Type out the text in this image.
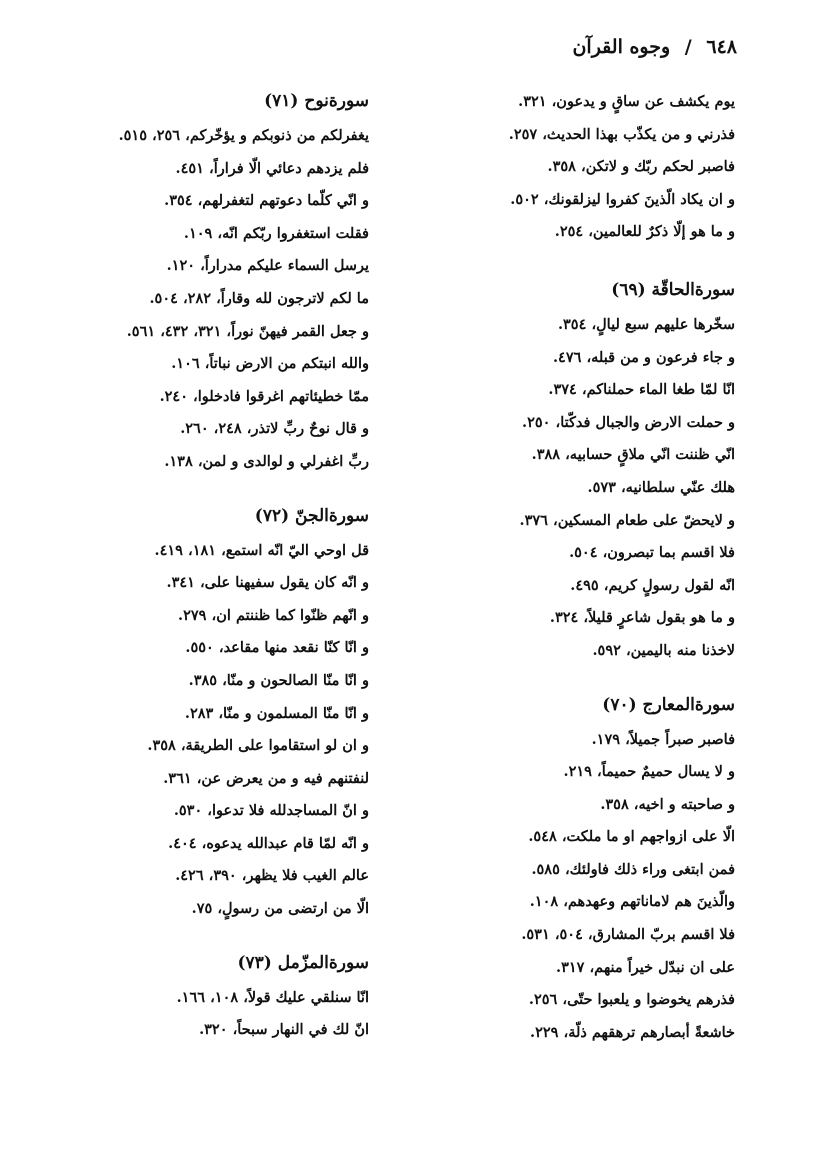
٦٤٨ / وجوه القرآن
يوم يكشف عن ساقٍ و يدعون، ٣٢١.
فذرني و من يكذّب بهذا الحديث، ٢٥٧.
فاصبر لحكم ربّك و لاتكن، ٣٥٨.
و ان يكاد الّذينَ كفروا ليزلقونك، ٥٠٢.
و ما هو إلّا ذكرٌ للعالمين، ٢٥٤.
سورةالحاقّة (٦٩)
سخّرها عليهم سبع ليالٍ، ٣٥٤.
و جاء فرعون و من قبله، ٤٧٦.
انّا لمّا طغا الماء حملناكم، ٣٧٤.
و حملت الارض والجبال فدكّتا، ٢٥٠.
انّي ظننت انّي ملاقٍ حسابيه، ٣٨٨.
هلك عنّي سلطانيه، ٥٧٣.
و لايحضّ على طعام المسكين، ٣٧٦.
فلا اقسم بما تبصرون، ٥٠٤.
انّه لقول رسولٍ كريم، ٤٩٥.
و ما هو بقول شاعرٍ قليلاً، ٣٢٤.
لاخذنا منه باليمين، ٥٩٢.
سورةالمعارج (٧٠)
فاصبر صبراً جميلاً، ١٧٩.
و لا يسال حميمٌ حميماً، ٢١٩.
و صاحبته و اخيه، ٣٥٨.
الّا على ازواجهم او ما ملكت، ٥٤٨.
فمن ابتغى وراء ذلك فاولئك، ٥٨٥.
والّذينَ هم لاماناتهم وعهدهم، ١٠٨.
فلا اقسم بربّ المشارق، ٥٠٤، ٥٣١.
على ان نبدّل خيراً منهم، ٣١٧.
فذرهم يخوضوا و يلعبوا حتّى، ٢٥٦.
خاشعةً أبصارهم ترهقهم ذلّة، ٢٢٩.
سورةنوح (٧١)
يغفرلكم من ذنوبكم و يؤخّركم، ٢٥٦، ٥١٥.
فلم يزدهم دعائي الّا فراراً، ٤٥١.
و انّي كلّما دعوتهم لتغفرلهم، ٣٥٤.
فقلت استغفروا ربّكم انّه، ١٠٩.
يرسل السماء عليكم مدراراً، ١٢٠.
ما لكم لاترجون لله وقاراً، ٢٨٢، ٥٠٤.
و جعل القمر فيهنّ نوراً، ٣٢١، ٤٣٢، ٥٦١.
والله انبتكم من الارض نباتاً، ١٠٦.
ممّا خطيئاتهم اغرقوا فادخلوا، ٢٤٠.
و قال نوحٌ ربِّ لاتذر، ٢٤٨، ٢٦٠.
ربِّ اغفرلي و لوالدى و لمن، ١٣٨.
سورةالجنّ (٧٢)
قل اوحي اليّ انّه استمع، ١٨١، ٤١٩.
و انّه كان يقول سفيهنا على، ٣٤١.
و انّهم ظنّوا كما ظننتم ان، ٢٧٩.
و انّا كنّا نقعد منها مقاعد، ٥٥٠.
و انّا منّا الصالحون و منّا، ٣٨٥.
و انّا منّا المسلمون و منّا، ٢٨٣.
و ان لو استقاموا على الطريقة، ٣٥٨.
لنفتنهم فيه و من يعرض عن، ٣٦١.
و انّ المساجدلله فلا تدعوا، ٥٣٠.
و انّه لمّا قام عبدالله يدعوه، ٤٠٤.
عالم الغيب فلا يظهر، ٣٩٠، ٤٢٦.
الّا من ارتضى من رسولٍ، ٧٥.
سورةالمزّمل (٧٣)
انّا سنلقي عليك قولاً، ١٠٨، ١٦٦.
انّ لك في النهار سبحاً، ٣٢٠.
